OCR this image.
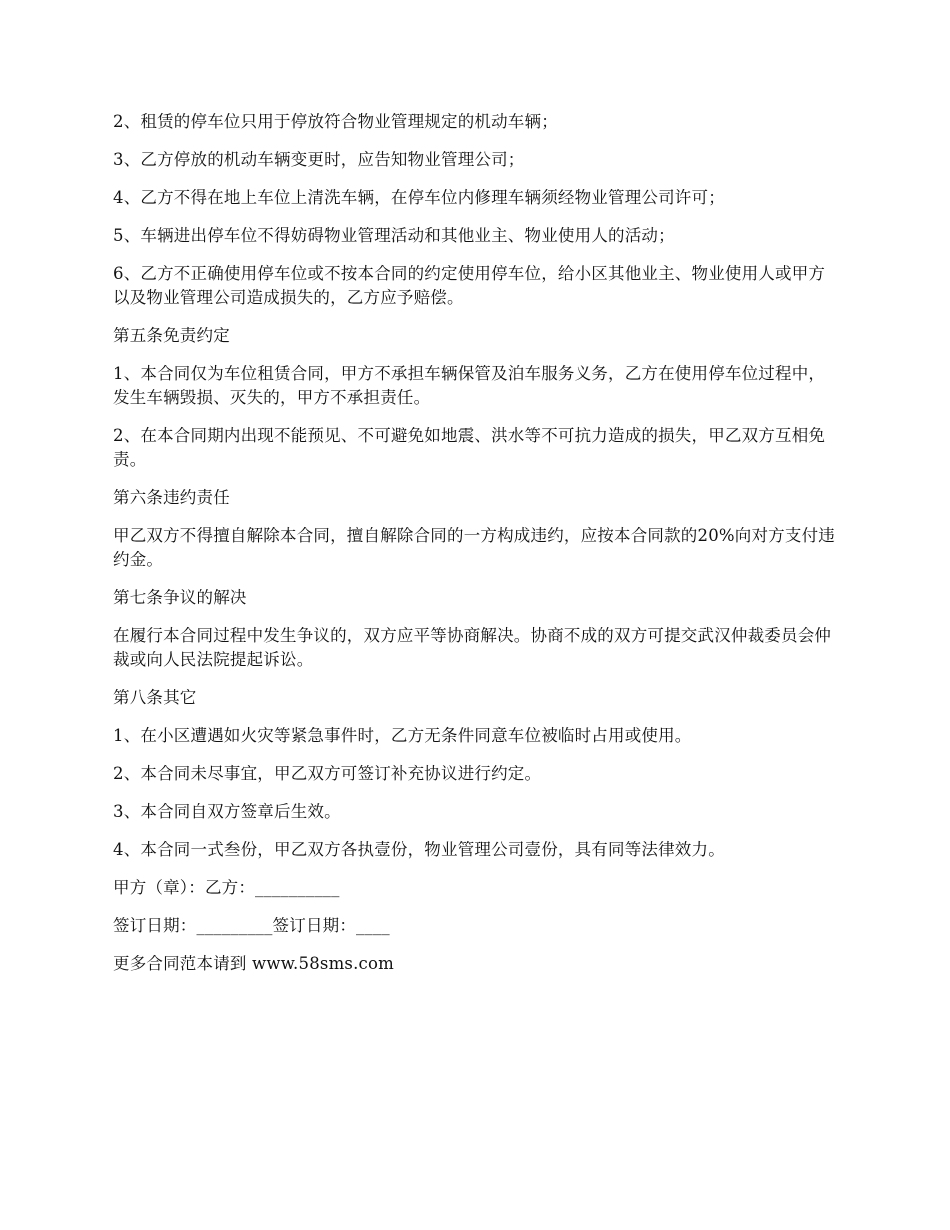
2、租赁的停车位只用于停放符合物业管理规定的机动车辆；

3、乙方停放的机动车辆变更时，应告知物业管理公司；

4、乙方不得在地上车位上清洗车辆，在停车位内修理车辆须经物业管理公司许可；

5、车辆进出停车位不得妨碍物业管理活动和其他业主、物业使用人的活动；

6、乙方不正确使用停车位或不按本合同的约定使用停车位，给小区其他业主、物业使用人或甲方以及物业管理公司造成损失的，乙方应予赔偿。

第五条免责约定

1、本合同仅为车位租赁合同，甲方不承担车辆保管及泊车服务义务，乙方在使用停车位过程中，发生车辆毁损、灭失的，甲方不承担责任。

2、在本合同期内出现不能预见、不可避免如地震、洪水等不可抗力造成的损失，甲乙双方互相免责。

第六条违约责任

甲乙双方不得擅自解除本合同，擅自解除合同的一方构成违约，应按本合同款的20%向对方支付违约金。

第七条争议的解决

在履行本合同过程中发生争议的，双方应平等协商解决。协商不成的双方可提交武汉仲裁委员会仲裁或向人民法院提起诉讼。

第八条其它

1、在小区遭遇如火灾等紧急事件时，乙方无条件同意车位被临时占用或使用。

2、本合同未尽事宜，甲乙双方可签订补充协议进行约定。

3、本合同自双方签章后生效。

4、本合同一式叁份，甲乙双方各执壹份，物业管理公司壹份，具有同等法律效力。

甲方（章）：乙方：__________

签订日期：_________签订日期：____

更多合同范本请到 www.58sms.com
